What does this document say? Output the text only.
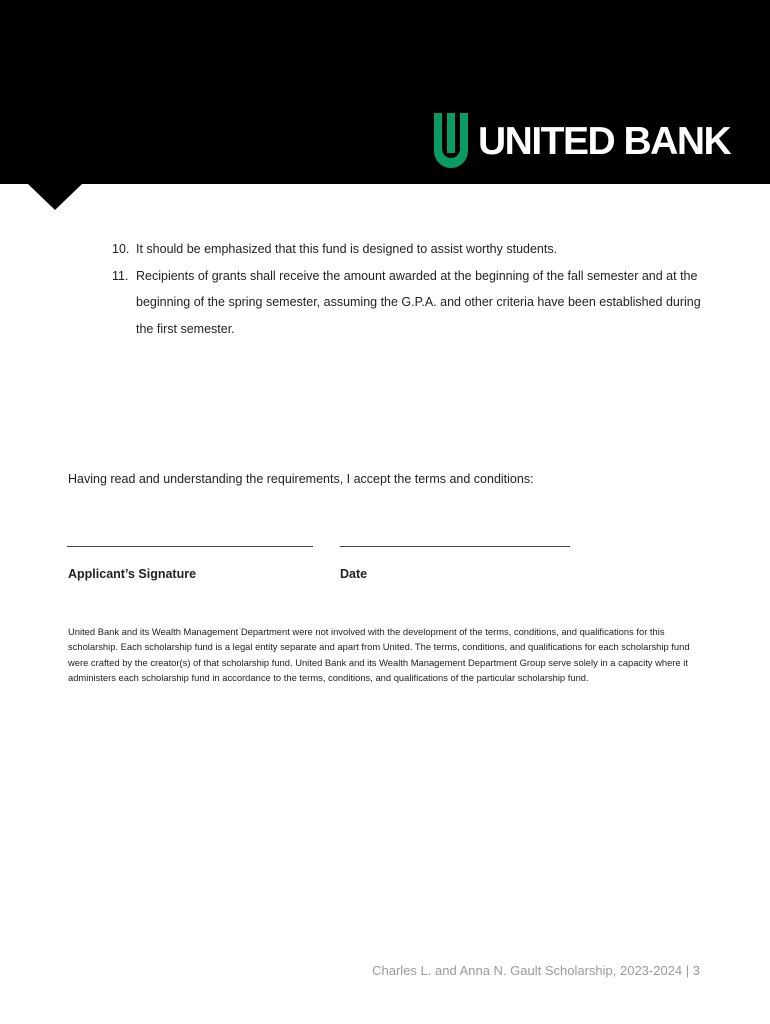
UNITED BANK
10. It should be emphasized that this fund is designed to assist worthy students.
11. Recipients of grants shall receive the amount awarded at the beginning of the fall semester and at the beginning of the spring semester, assuming the G.P.A. and other criteria have been established during the first semester.
Having read and understanding the requirements, I accept the terms and conditions:
Applicant’s Signature	Date
United Bank and its Wealth Management Department were not involved with the development of the terms, conditions, and qualifications for this scholarship. Each scholarship fund is a legal entity separate and apart from United. The terms, conditions, and qualifications for each scholarship fund were crafted by the creator(s) of that scholarship fund. United Bank and its Wealth Management Department Group serve solely in a capacity where it administers each scholarship fund in accordance to the terms, conditions, and qualifications of the particular scholarship fund.
Charles L. and Anna N. Gault Scholarship, 2023-2024 | 3
